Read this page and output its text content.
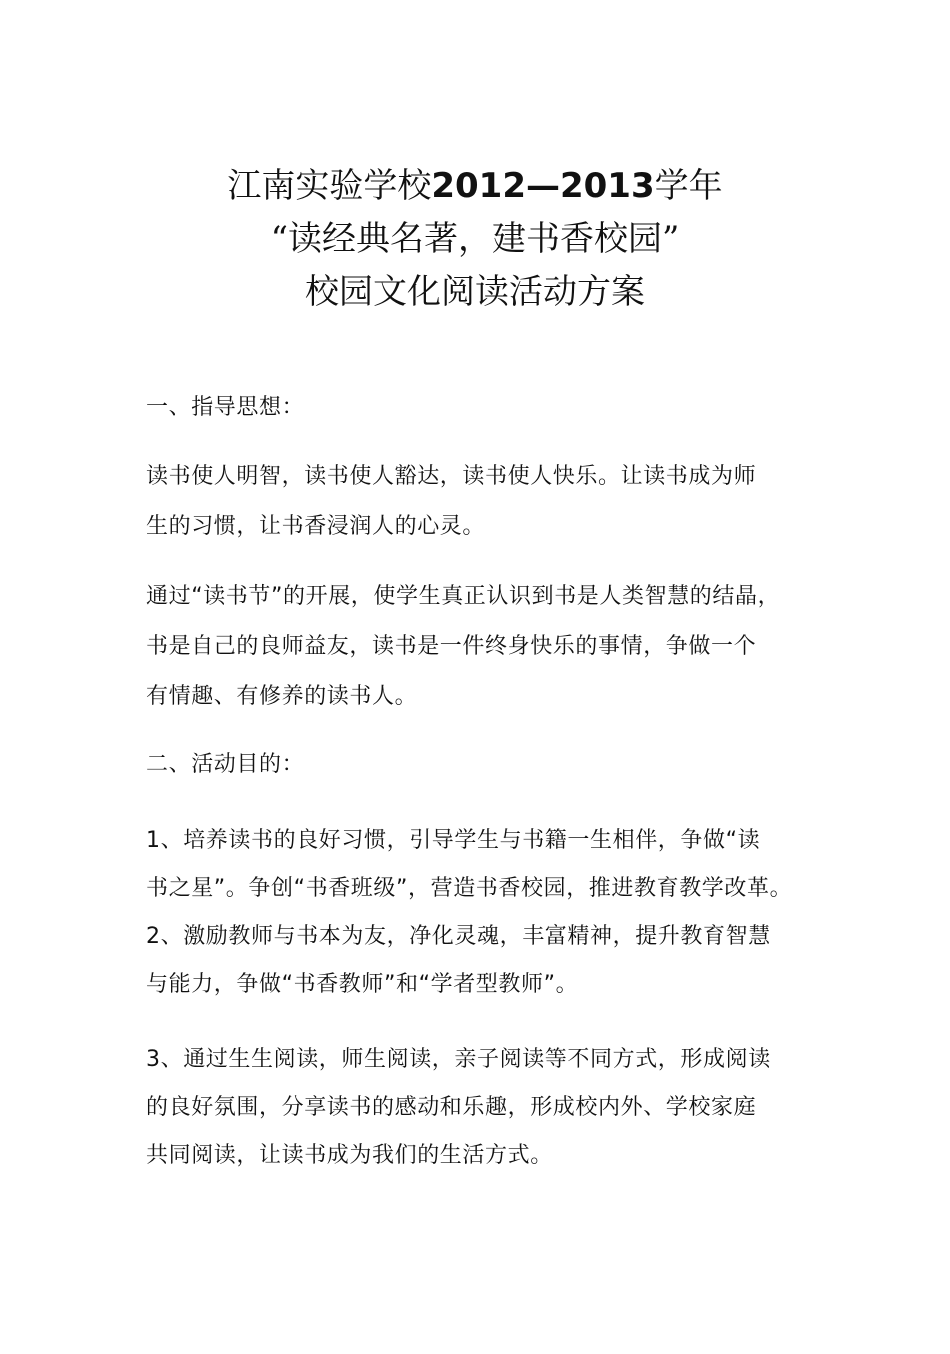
江南实验学校2012—2013学年
“读经典名著，建书香校园”
校园文化阅读活动方案
一、指导思想：
读书使人明智，读书使人豁达，读书使人快乐。让读书成为师
生的习惯，让书香浸润人的心灵。
通过“读书节”的开展，使学生真正认识到书是人类智慧的结晶，
书是自己的良师益友，读书是一件终身快乐的事情，争做一个
有情趣、有修养的读书人。
二、活动目的：
1、培养读书的良好习惯，引导学生与书籍一生相伴，争做“读
书之星”。争创“书香班级”，营造书香校园，推进教育教学改革。
2、激励教师与书本为友，净化灵魂，丰富精神，提升教育智慧
与能力，争做“书香教师”和“学者型教师”。
3、通过生生阅读，师生阅读，亲子阅读等不同方式，形成阅读
的良好氛围，分享读书的感动和乐趣，形成校内外、学校家庭
共同阅读，让读书成为我们的生活方式。
